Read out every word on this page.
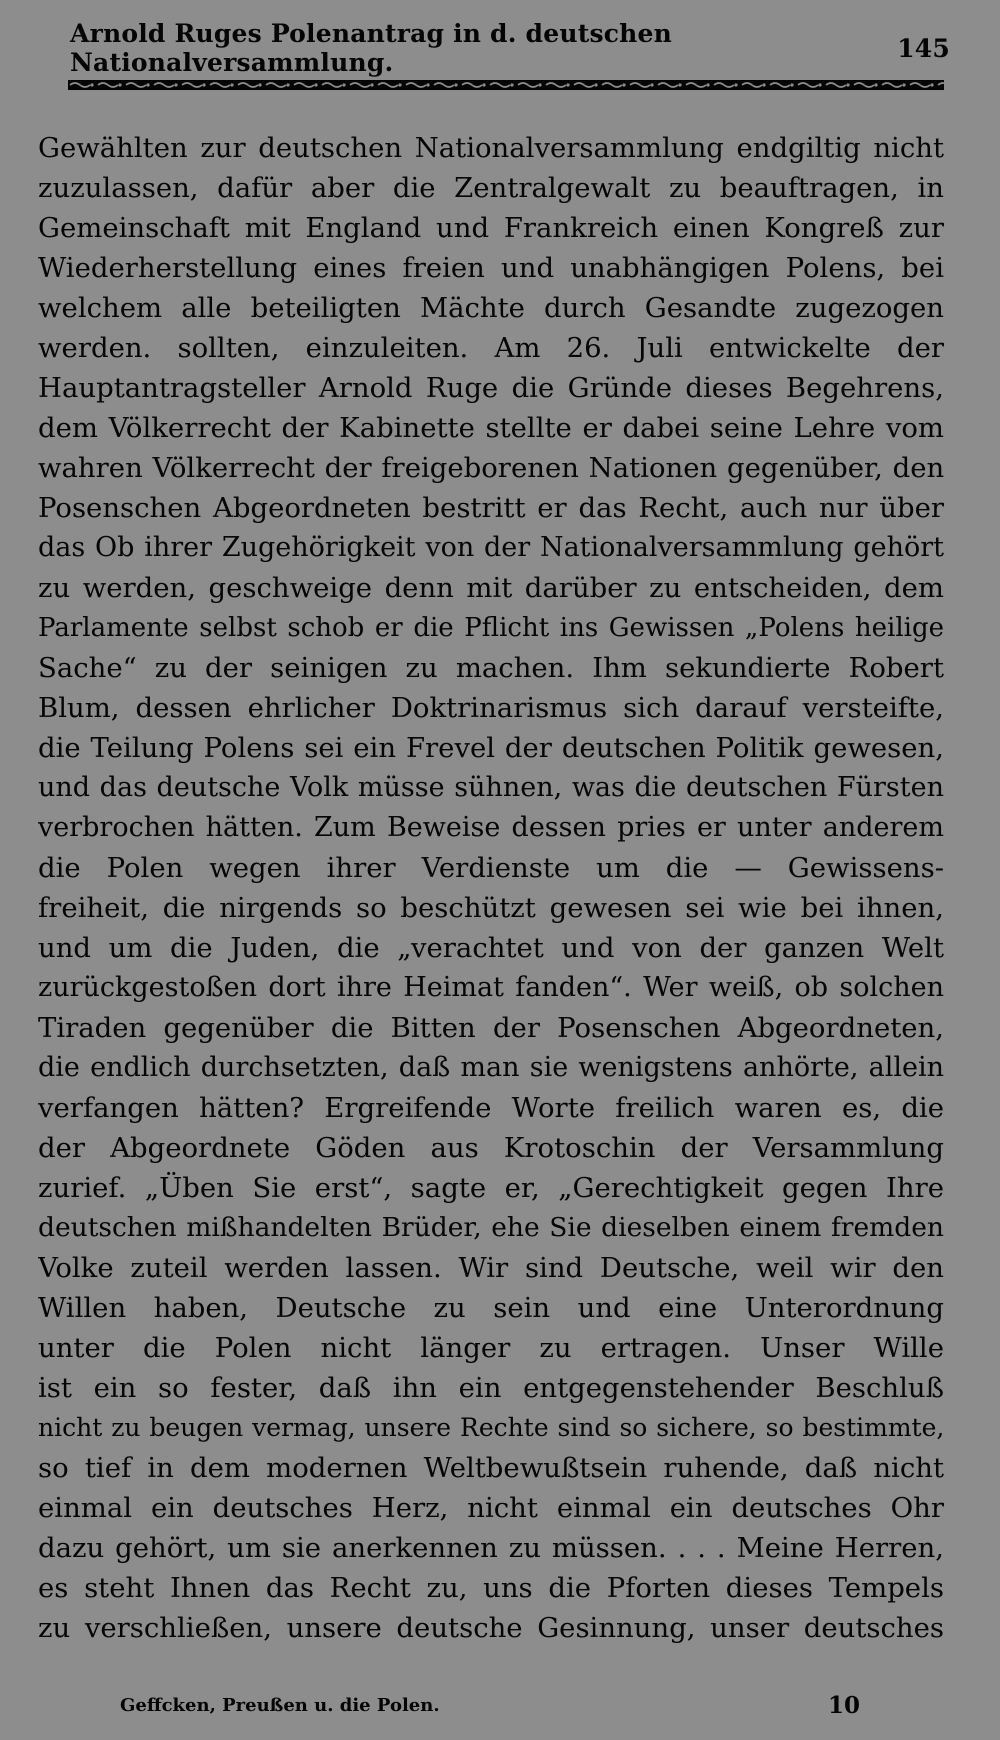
Arnold Ruges Polenantrag in d. deutschen Nationalversammlung.	145
Gewählten zur deutschen Nationalversammlung endgiltig nicht
zuzulassen, dafür aber die Zentralgewalt zu beauftragen, in
Gemeinschaft mit England und Frankreich einen Kongreß zur
Wiederherstellung eines freien und unabhängigen Polens, bei
welchem alle beteiligten Mächte durch Gesandte zugezogen
werden. sollten, einzuleiten. Am 26. Juli entwickelte der
Hauptantragsteller Arnold Ruge die Gründe dieses Begehrens,
dem Völkerrecht der Kabinette stellte er dabei seine Lehre vom
wahren Völkerrecht der freigeborenen Nationen gegenüber, den
Posenschen Abgeordneten bestritt er das Recht, auch nur über
das Ob ihrer Zugehörigkeit von der Nationalversammlung gehört
zu werden, geschweige denn mit darüber zu entscheiden, dem
Parlamente selbst schob er die Pflicht ins Gewissen „Polens heilige
Sache“ zu der seinigen zu machen. Ihm sekundierte Robert
Blum, dessen ehrlicher Doktrinarismus sich darauf versteifte,
die Teilung Polens sei ein Frevel der deutschen Politik gewesen,
und das deutsche Volk müsse sühnen, was die deutschen Fürsten
verbrochen hätten. Zum Beweise dessen pries er unter anderem
die Polen wegen ihrer Verdienste um die — Gewissens-
freiheit, die nirgends so beschützt gewesen sei wie bei ihnen,
und um die Juden, die „verachtet und von der ganzen Welt
zurückgestoßen dort ihre Heimat fanden“. Wer weiß, ob solchen
Tiraden gegenüber die Bitten der Posenschen Abgeordneten,
die endlich durchsetzten, daß man sie wenigstens anhörte, allein
verfangen hätten? Ergreifende Worte freilich waren es, die
der Abgeordnete Göden aus Krotoschin der Versammlung
zurief. „Üben Sie erst“, sagte er, „Gerechtigkeit gegen Ihre
deutschen mißhandelten Brüder, ehe Sie dieselben einem fremden
Volke zuteil werden lassen. Wir sind Deutsche, weil wir den
Willen haben, Deutsche zu sein und eine Unterordnung
unter die Polen nicht länger zu ertragen. Unser Wille
ist ein so fester, daß ihn ein entgegenstehender Beschluß
nicht zu beugen vermag, unsere Rechte sind so sichere, so bestimmte,
so tief in dem modernen Weltbewußtsein ruhende, daß nicht
einmal ein deutsches Herz, nicht einmal ein deutsches Ohr
dazu gehört, um sie anerkennen zu müssen. . . . Meine Herren,
es steht Ihnen das Recht zu, uns die Pforten dieses Tempels
zu verschließen, unsere deutsche Gesinnung, unser deutsches
Geffcken, Preußen u. die Polen.	10
